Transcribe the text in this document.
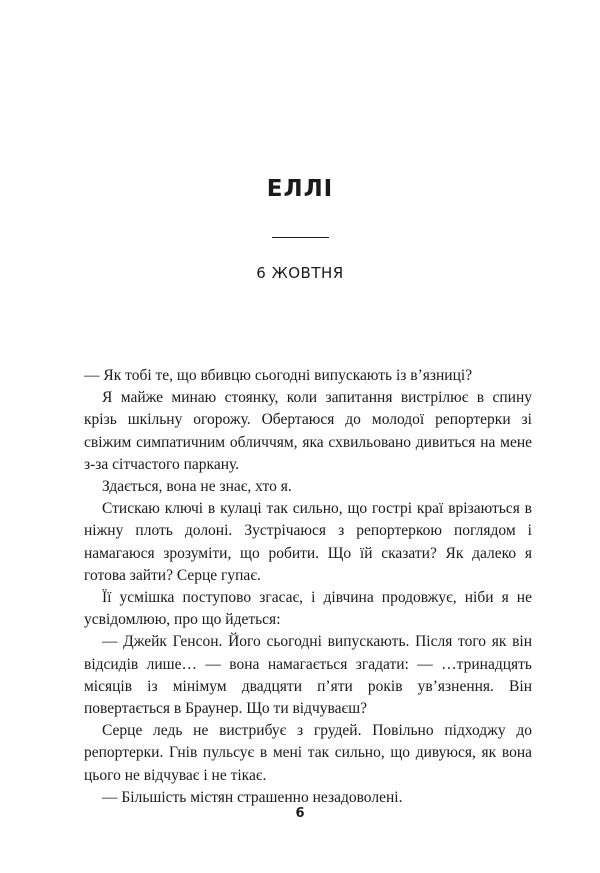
ЕЛЛІ
6 ЖОВТНЯ

— Як тобі те, що вбивцю сьогодні випускають із в’язниці?

Я майже минаю стоянку, коли запитання вистрілює в спину крізь шкільну огорожу. Обертаюся до молодої репортерки зі свіжим симпатичним обличчям, яка схвильовано дивиться на мене з-за сітчастого паркану.

Здається, вона не знає, хто я.

Стискаю ключі в кулаці так сильно, що гострі краї врізаються в ніжну плоть долоні. Зустрічаюся з репортеркою поглядом і намагаюся зрозуміти, що робити. Що їй сказати? Як далеко я готова зайти? Серце гупає.

Її усмішка поступово згасає, і дівчина продовжує, ніби я не усвідомлюю, про що йдеться:

— Джейк Генсон. Його сьогодні випускають. Після того як він відсидів лише… — вона намагається згадати: — …тринадцять місяців із мінімум двадцяти п’яти років ув’язнення. Він повертається в Браунер. Що ти відчуваєш?

Серце ледь не вистрибує з грудей. Повільно підходжу до репортерки. Гнів пульсує в мені так сильно, що дивуюся, як вона цього не відчуває і не тікає.

— Більшість містян страшенно незадоволені.

6
